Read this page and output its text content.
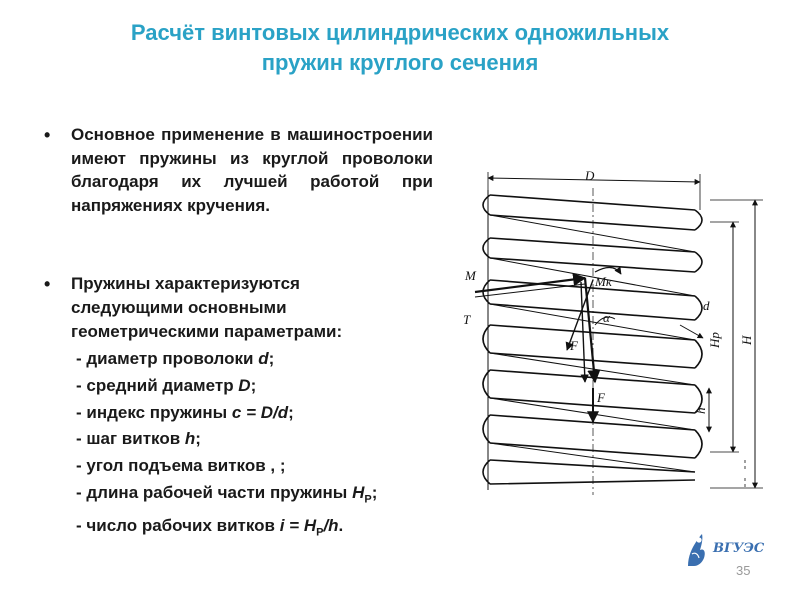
Расчёт винтовых цилиндрических одножильных
пружин круглого сечения
• Основное применение в машиностроении имеют пружины из круглой проволоки благодаря их лучшей работой при напряжениях кручения.
• Пружины характеризуются
следующими основными
геометрическими параметрами:
- диаметр проволоки d;
- средний диаметр D;
- индекс пружины с = D/d;
- шаг витков h;
- угол подъема витков , ;
- длина рабочей части пружины $H_P$;
- число рабочих витков $i = H_P/h$.
D
M
T
Mк
F
F
α
d
Hр H
h
ВГУЭС
35
